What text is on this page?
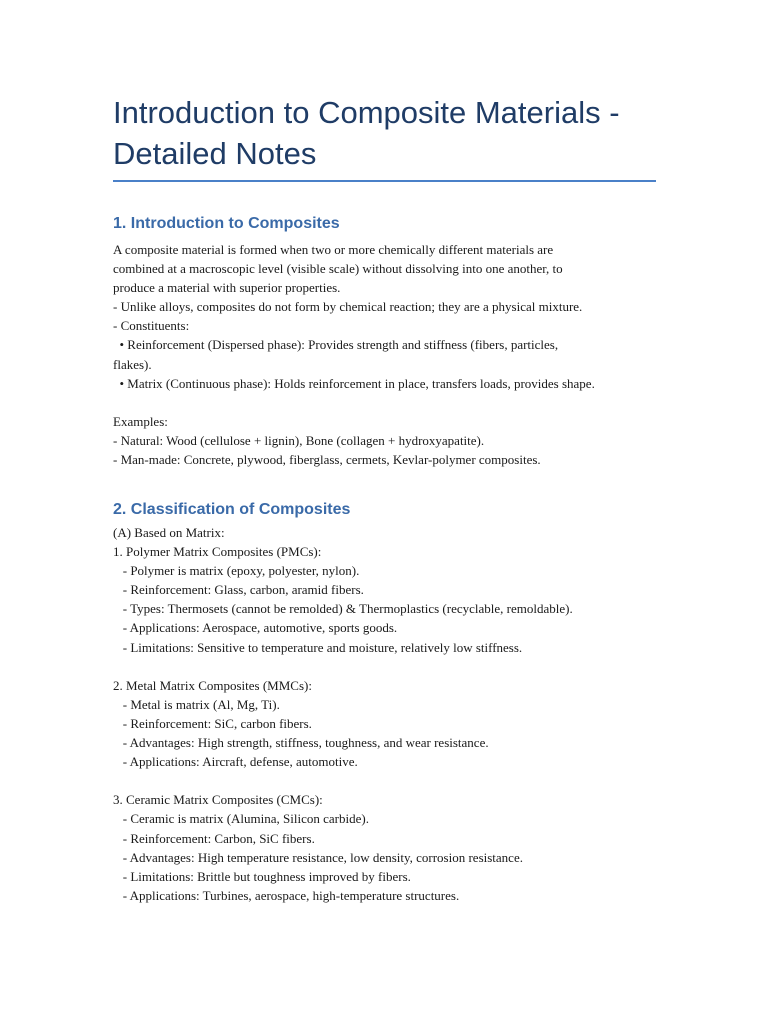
Introduction to Composite Materials -
Detailed Notes
1. Introduction to Composites
A composite material is formed when two or more chemically different materials are
combined at a macroscopic level (visible scale) without dissolving into one another, to
produce a material with superior properties.
- Unlike alloys, composites do not form by chemical reaction; they are a physical mixture.
- Constituents:
• Reinforcement (Dispersed phase): Provides strength and stiffness (fibers, particles,
flakes).
• Matrix (Continuous phase): Holds reinforcement in place, transfers loads, provides shape.
Examples:
- Natural: Wood (cellulose + lignin), Bone (collagen + hydroxyapatite).
- Man-made: Concrete, plywood, fiberglass, cermets, Kevlar-polymer composites.
2. Classification of Composites
(A) Based on Matrix:
1. Polymer Matrix Composites (PMCs):
- Polymer is matrix (epoxy, polyester, nylon).
- Reinforcement: Glass, carbon, aramid fibers.
- Types: Thermosets (cannot be remolded) & Thermoplastics (recyclable, remoldable).
- Applications: Aerospace, automotive, sports goods.
- Limitations: Sensitive to temperature and moisture, relatively low stiffness.
2. Metal Matrix Composites (MMCs):
- Metal is matrix (Al, Mg, Ti).
- Reinforcement: SiC, carbon fibers.
- Advantages: High strength, stiffness, toughness, and wear resistance.
- Applications: Aircraft, defense, automotive.
3. Ceramic Matrix Composites (CMCs):
- Ceramic is matrix (Alumina, Silicon carbide).
- Reinforcement: Carbon, SiC fibers.
- Advantages: High temperature resistance, low density, corrosion resistance.
- Limitations: Brittle but toughness improved by fibers.
- Applications: Turbines, aerospace, high-temperature structures.
